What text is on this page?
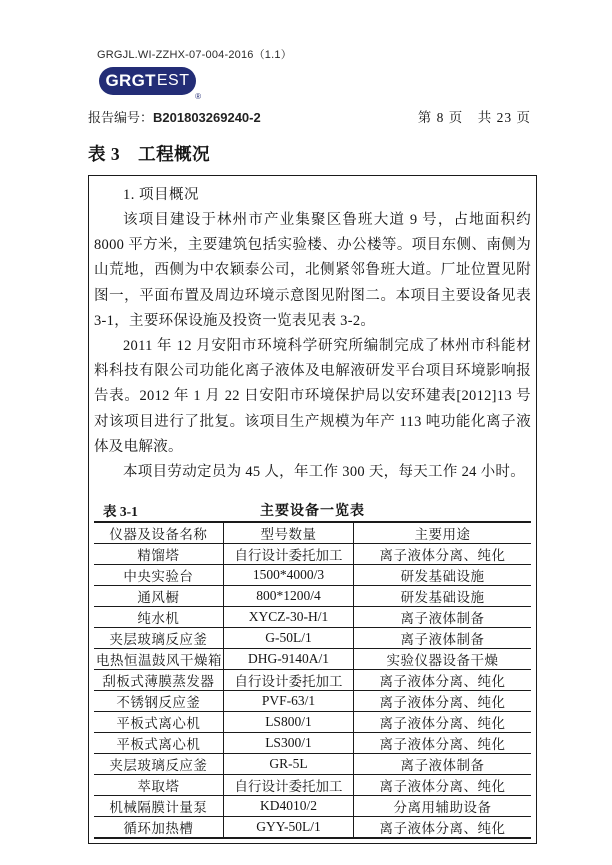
GRGJL.WI-ZZHX-07-004-2016（1.1）
GRGT EST
®
报告编号：B201803269240-2	第 8 页　共 23 页
表 3　工程概况
1. 项目概况

该项目建设于林州市产业集聚区鲁班大道 9 号，占地面积约 8000 平方米，主要建筑包括实验楼、办公楼等。项目东侧、南侧为山荒地，西侧为中农颖泰公司，北侧紧邻鲁班大道。厂址位置见附图一，平面布置及周边环境示意图见附图二。本项目主要设备见表 3-1，主要环保设施及投资一览表见表 3-2。

2011 年 12 月安阳市环境科学研究所编制完成了林州市科能材料科技有限公司功能化离子液体及电解液研发平台项目环境影响报告表。2012 年 1 月 22 日安阳市环境保护局以安环建表[2012]13 号对该项目进行了批复。该项目生产规模为年产 113 吨功能化离子液体及电解液。

本项目劳动定员为 45 人，年工作 300 天，每天工作 24 小时。

表 3-1	主要设备一览表
仪器及设备名称	型号数量	主要用途
精馏塔	自行设计委托加工	离子液体分离、纯化
中央实验台	1500*4000/3	研发基础设施
通风橱	800*1200/4	研发基础设施
纯水机	XYCZ-30-H/1	离子液体制备
夹层玻璃反应釜	G-50L/1	离子液体制备
电热恒温鼓风干燥箱	DHG-9140A/1	实验仪器设备干燥
刮板式薄膜蒸发器	自行设计委托加工	离子液体分离、纯化
不锈钢反应釜	PVF-63/1	离子液体分离、纯化
平板式离心机	LS800/1	离子液体分离、纯化
平板式离心机	LS300/1	离子液体分离、纯化
夹层玻璃反应釜	GR-5L	离子液体制备
萃取塔	自行设计委托加工	离子液体分离、纯化
机械隔膜计量泵	KD4010/2	分离用辅助设备
循环加热槽	GYY-50L/1	离子液体分离、纯化
